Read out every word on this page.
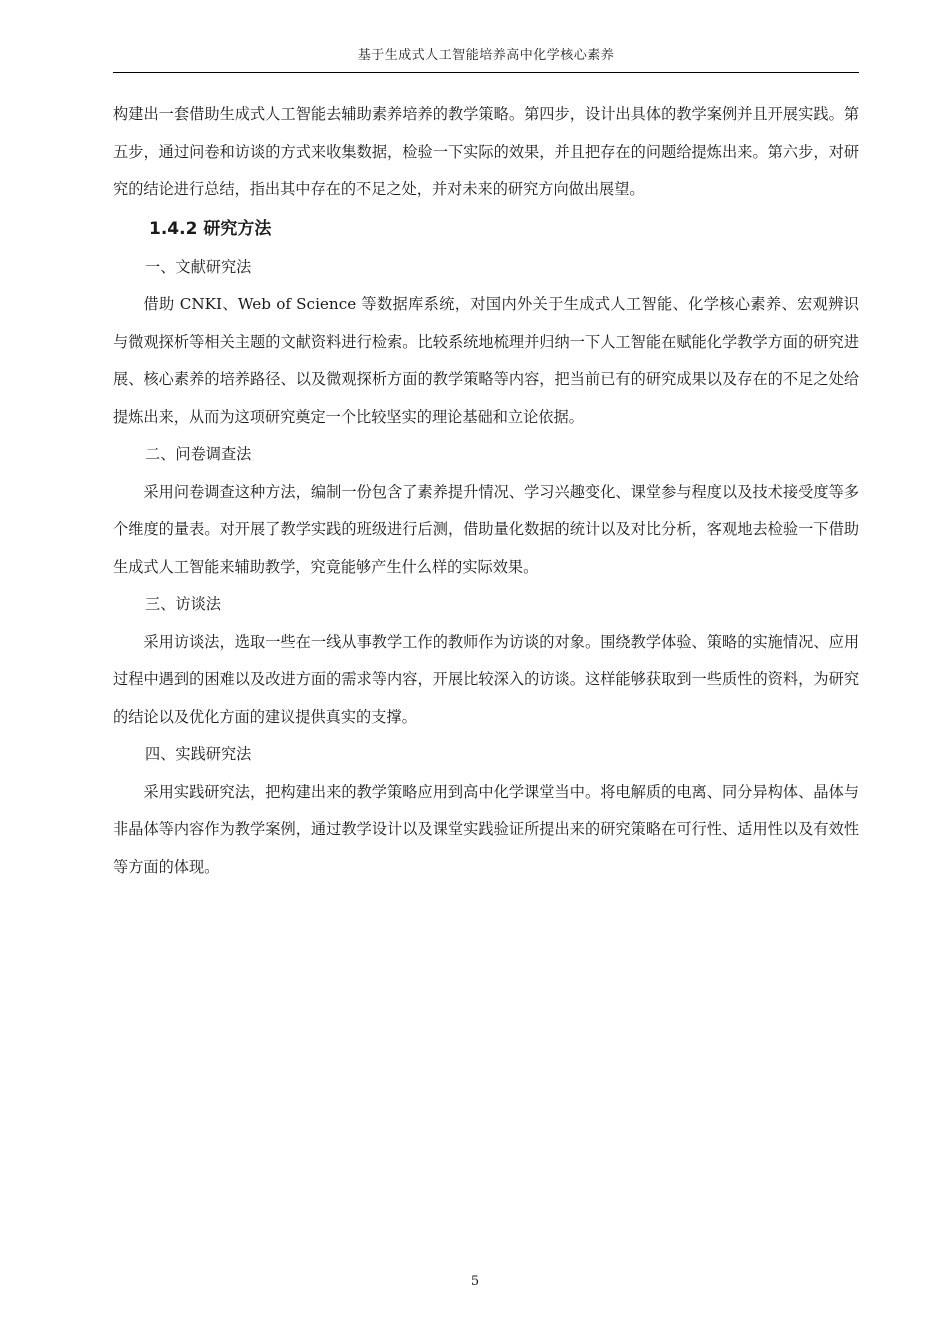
基于生成式人工智能培养高中化学核心素养

构建出一套借助生成式人工智能去辅助素养培养的教学策略。第四步，设计出具体的教学案例并且开展实践。第五步，通过问卷和访谈的方式来收集数据，检验一下实际的效果，并且把存在的问题给提炼出来。第六步，对研究的结论进行总结，指出其中存在的不足之处，并对未来的研究方向做出展望。

1.4.2 研究方法

一、文献研究法

借助 CNKI、Web of Science 等数据库系统，对国内外关于生成式人工智能、化学核心素养、宏观辨识与微观探析等相关主题的文献资料进行检索。比较系统地梳理并归纳一下人工智能在赋能化学教学方面的研究进展、核心素养的培养路径、以及微观探析方面的教学策略等内容，把当前已有的研究成果以及存在的不足之处给提炼出来，从而为这项研究奠定一个比较坚实的理论基础和立论依据。

二、问卷调查法

采用问卷调查这种方法，编制一份包含了素养提升情况、学习兴趣变化、课堂参与程度以及技术接受度等多个维度的量表。对开展了教学实践的班级进行后测，借助量化数据的统计以及对比分析，客观地去检验一下借助生成式人工智能来辅助教学，究竟能够产生什么样的实际效果。

三、访谈法

采用访谈法，选取一些在一线从事教学工作的教师作为访谈的对象。围绕教学体验、策略的实施情况、应用过程中遇到的困难以及改进方面的需求等内容，开展比较深入的访谈。这样能够获取到一些质性的资料，为研究的结论以及优化方面的建议提供真实的支撑。

四、实践研究法

采用实践研究法，把构建出来的教学策略应用到高中化学课堂当中。将电解质的电离、同分异构体、晶体与非晶体等内容作为教学案例，通过教学设计以及课堂实践验证所提出来的研究策略在可行性、适用性以及有效性等方面的体现。

5
